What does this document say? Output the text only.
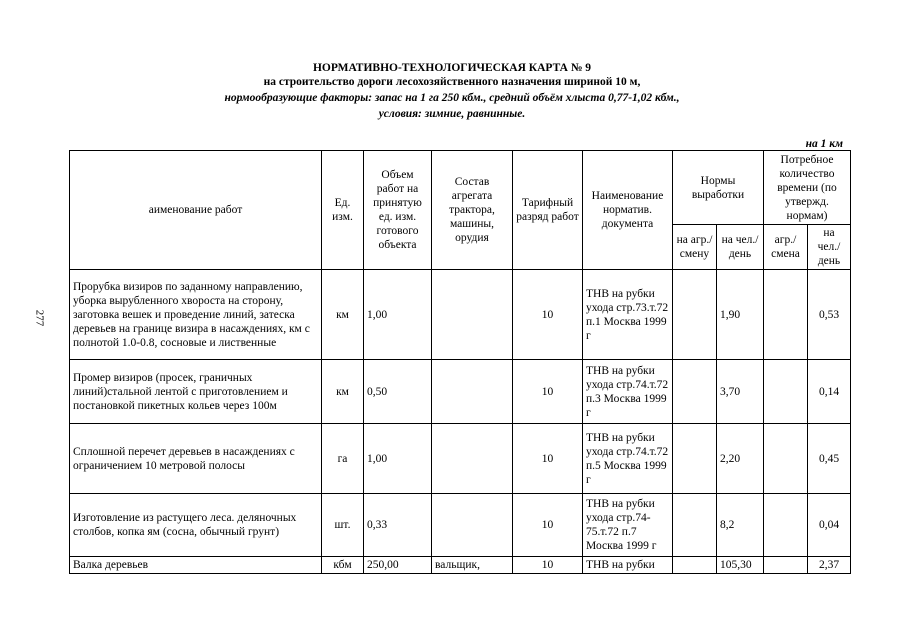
НОРМАТИВНО-ТЕХНОЛОГИЧЕСКАЯ КАРТА № 9
на строительство дороги лесохозяйственного назначения шириной 10 м,
нормообразующие факторы: запас на 1 га 250 кбм., средний объём хлыста 0,77-1,02 кбм.,
условия: зимние, равнинные.
на 1 км
277
аименование работ	Ед. изм.	Объем работ на принятую ед. изм. готового объекта	Состав агрегата трактора, машины, орудия	Тарифный разряд работ	Наименование норматив. документа	Нормы выработки		Потребное количество времени (по утвержд. нормам)	
						на агр./ смену	на чел./ день	агр./ смена	на чел./ день
Прорубка визиров по заданному направлению, уборка вырубленного хвороста на сторону, заготовка вешек и проведение линий, затеска деревьев на границе визира в насаждениях, км с полнотой 1.0-0.8, сосновые и лиственные	км	1,00		10	ТНВ на рубки ухода стр.73.т.72 п.1 Москва 1999 г		1,90		0,53
Промер визиров (просек, граничных линий)стальной лентой с приготовлением и постановкой пикетных кольев через 100м	км	0,50		10	ТНВ на рубки ухода стр.74.т.72 п.3 Москва 1999 г		3,70		0,14
Сплошной перечет деревьев в насаждениях с ограничением 10 метровой полосы	га	1,00		10	ТНВ на рубки ухода стр.74.т.72 п.5 Москва 1999 г		2,20		0,45
Изготовление из растущего леса. деляночных столбов, копка ям (сосна, обычный грунт)	шт.	0,33		10	ТНВ на рубки ухода стр.74-75.т.72 п.7 Москва 1999 г		8,2		0,04
Валка деревьев	кбм	250,00	вальщик,	10	ТНВ на рубки		105,30		2,37
